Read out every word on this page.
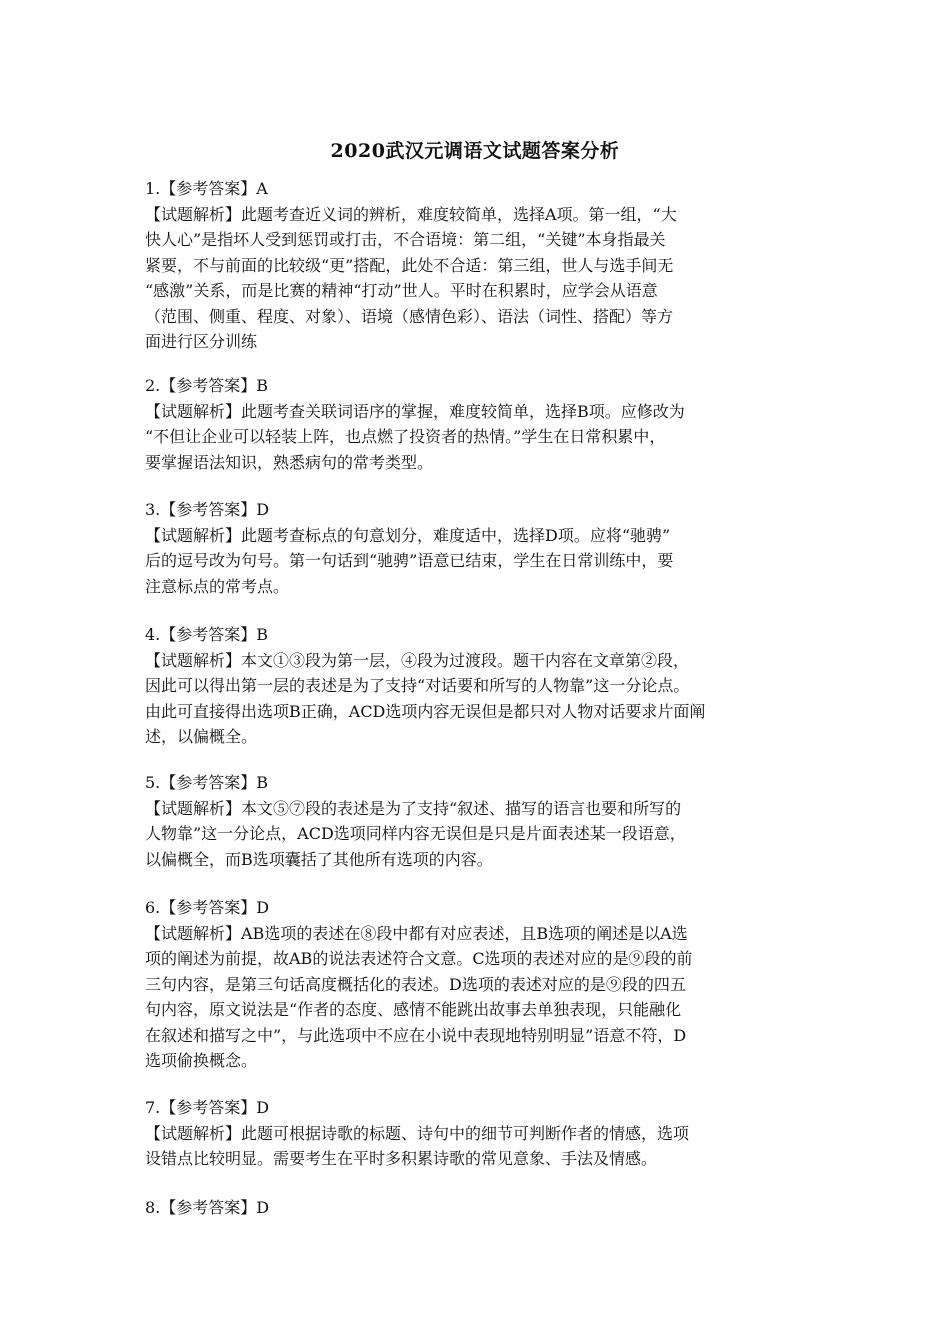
2020武汉元调语文试题答案分析
1.【参考答案】A
【试题解析】此题考查近义词的辨析，难度较简单，选择A项。第一组，“大
快人心”是指坏人受到惩罚或打击，不合语境：第二组，“关键”本身指最关
紧要，不与前面的比较级“更”搭配，此处不合适：第三组，世人与选手间无
“感激”关系，而是比赛的精神“打动”世人。平时在积累时，应学会从语意
（范围、侧重、程度、对象）、语境（感情色彩）、语法（词性、搭配）等方
面进行区分训练
2.【参考答案】B
【试题解析】此题考查关联词语序的掌握，难度较简单，选择B项。应修改为
“不但让企业可以轻装上阵，也点燃了投资者的热情。”学生在日常积累中，
要掌握语法知识，熟悉病句的常考类型。
3.【参考答案】D
【试题解析】此题考查标点的句意划分，难度适中，选择D项。应将“驰骋”
后的逗号改为句号。第一句话到“驰骋”语意已结束，学生在日常训练中，要
注意标点的常考点。
4.【参考答案】B
【试题解析】本文①③段为第一层，④段为过渡段。题干内容在文章第②段，
因此可以得出第一层的表述是为了支持“对话要和所写的人物靠”这一分论点。
由此可直接得出选项B正确，ACD选项内容无误但是都只对人物对话要求片面阐
述，以偏概全。
5.【参考答案】B
【试题解析】本文⑤⑦段的表述是为了支持“叙述、描写的语言也要和所写的
人物靠”这一分论点，ACD选项同样内容无误但是只是片面表述某一段语意，
以偏概全，而B选项囊括了其他所有选项的内容。
6.【参考答案】D
【试题解析】AB选项的表述在⑧段中都有对应表述，且B选项的阐述是以A选
项的阐述为前提，故AB的说法表述符合文意。C选项的表述对应的是⑨段的前
三句内容，是第三句话高度概括化的表述。D选项的表述对应的是⑨段的四五
句内容，原文说法是“作者的态度、感情不能跳出故事去单独表现，只能融化
在叙述和描写之中”，与此选项中不应在小说中表现地特别明显”语意不符，D
选项偷换概念。
7.【参考答案】D
【试题解析】此题可根据诗歌的标题、诗句中的细节可判断作者的情感，选项
设错点比较明显。需要考生在平时多积累诗歌的常见意象、手法及情感。
8.【参考答案】D
